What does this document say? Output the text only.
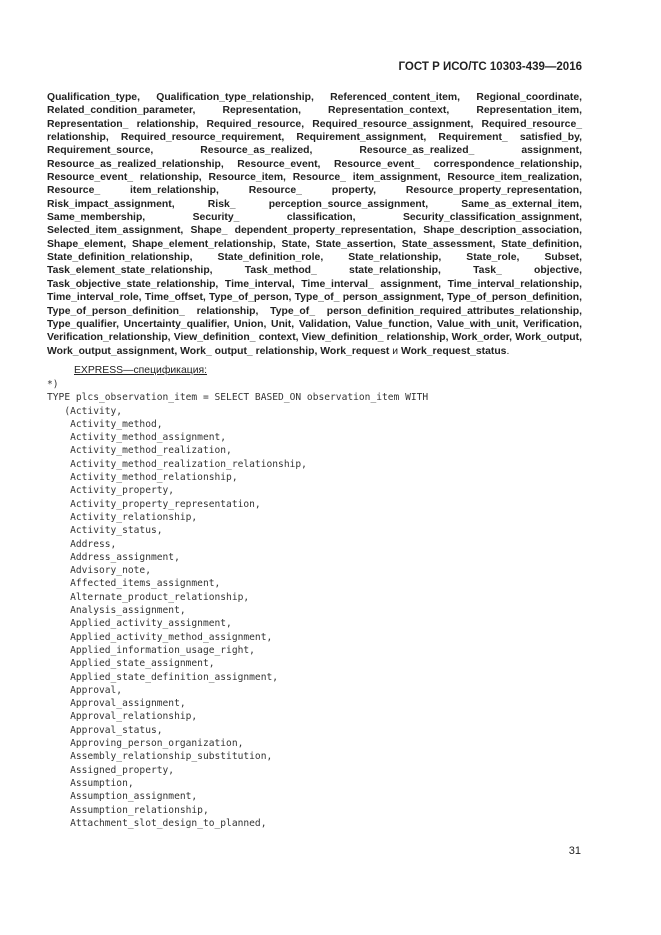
ГОСТ Р ИСО/ТС 10303-439—2016

Qualification_type, Qualification_type_relationship, Referenced_content_item, Regional_coordinate, Related_condition_parameter, Representation, Representation_context, Representation_item, Representation_ relationship, Required_resource, Required_resource_assignment, Required_resource_ relationship, Required_resource_requirement, Requirement_assignment, Requirement_ satisfied_by, Requirement_source, Resource_as_realized, Resource_as_realized_ assignment, Resource_as_realized_relationship, Resource_event, Resource_event_ correspondence_relationship, Resource_event_ relationship, Resource_item, Resource_ item_assignment, Resource_item_realization, Resource_ item_relationship, Resource_ property, Resource_property_representation, Risk_impact_assignment, Risk_ perception_source_assignment, Same_as_external_item, Same_membership, Security_ classification, Security_classification_assignment, Selected_item_assignment, Shape_ dependent_property_representation, Shape_description_association, Shape_element, Shape_element_relationship, State, State_assertion, State_assessment, State_definition, State_definition_relationship, State_definition_role, State_relationship, State_role, Subset, Task_element_state_relationship, Task_method_ state_relationship, Task_ objective, Task_objective_state_relationship, Time_interval, Time_interval_ assignment, Time_interval_relationship, Time_interval_role, Time_offset, Type_of_person, Type_of_ person_assignment, Type_of_person_definition, Type_of_person_definition_ relationship, Type_of_ person_definition_required_attributes_relationship, Type_qualifier, Uncertainty_qualifier, Union, Unit, Validation, Value_function, Value_with_unit, Verification, Verification_relationship, View_definition_ context, View_definition_ relationship, Work_order, Work_output, Work_output_assignment, Work_ output_ relationship, Work_request и Work_request_status.

EXPRESS—спецификация:
*)
TYPE plcs_observation_item = SELECT BASED_ON observation_item WITH
(Activity,
Activity_method,
Activity_method_assignment,
Activity_method_realization,
Activity_method_realization_relationship,
Activity_method_relationship,
Activity_property,
Activity_property_representation,
Activity_relationship,
Activity_status,
Address,
Address_assignment,
Advisory_note,
Affected_items_assignment,
Alternate_product_relationship,
Analysis_assignment,
Applied_activity_assignment,
Applied_activity_method_assignment,
Applied_information_usage_right,
Applied_state_assignment,
Applied_state_definition_assignment,
Approval,
Approval_assignment,
Approval_relationship,
Approval_status,
Approving_person_organization,
Assembly_relationship_substitution,
Assigned_property,
Assumption,
Assumption_assignment,
Assumption_relationship,
Attachment_slot_design_to_planned,
31
